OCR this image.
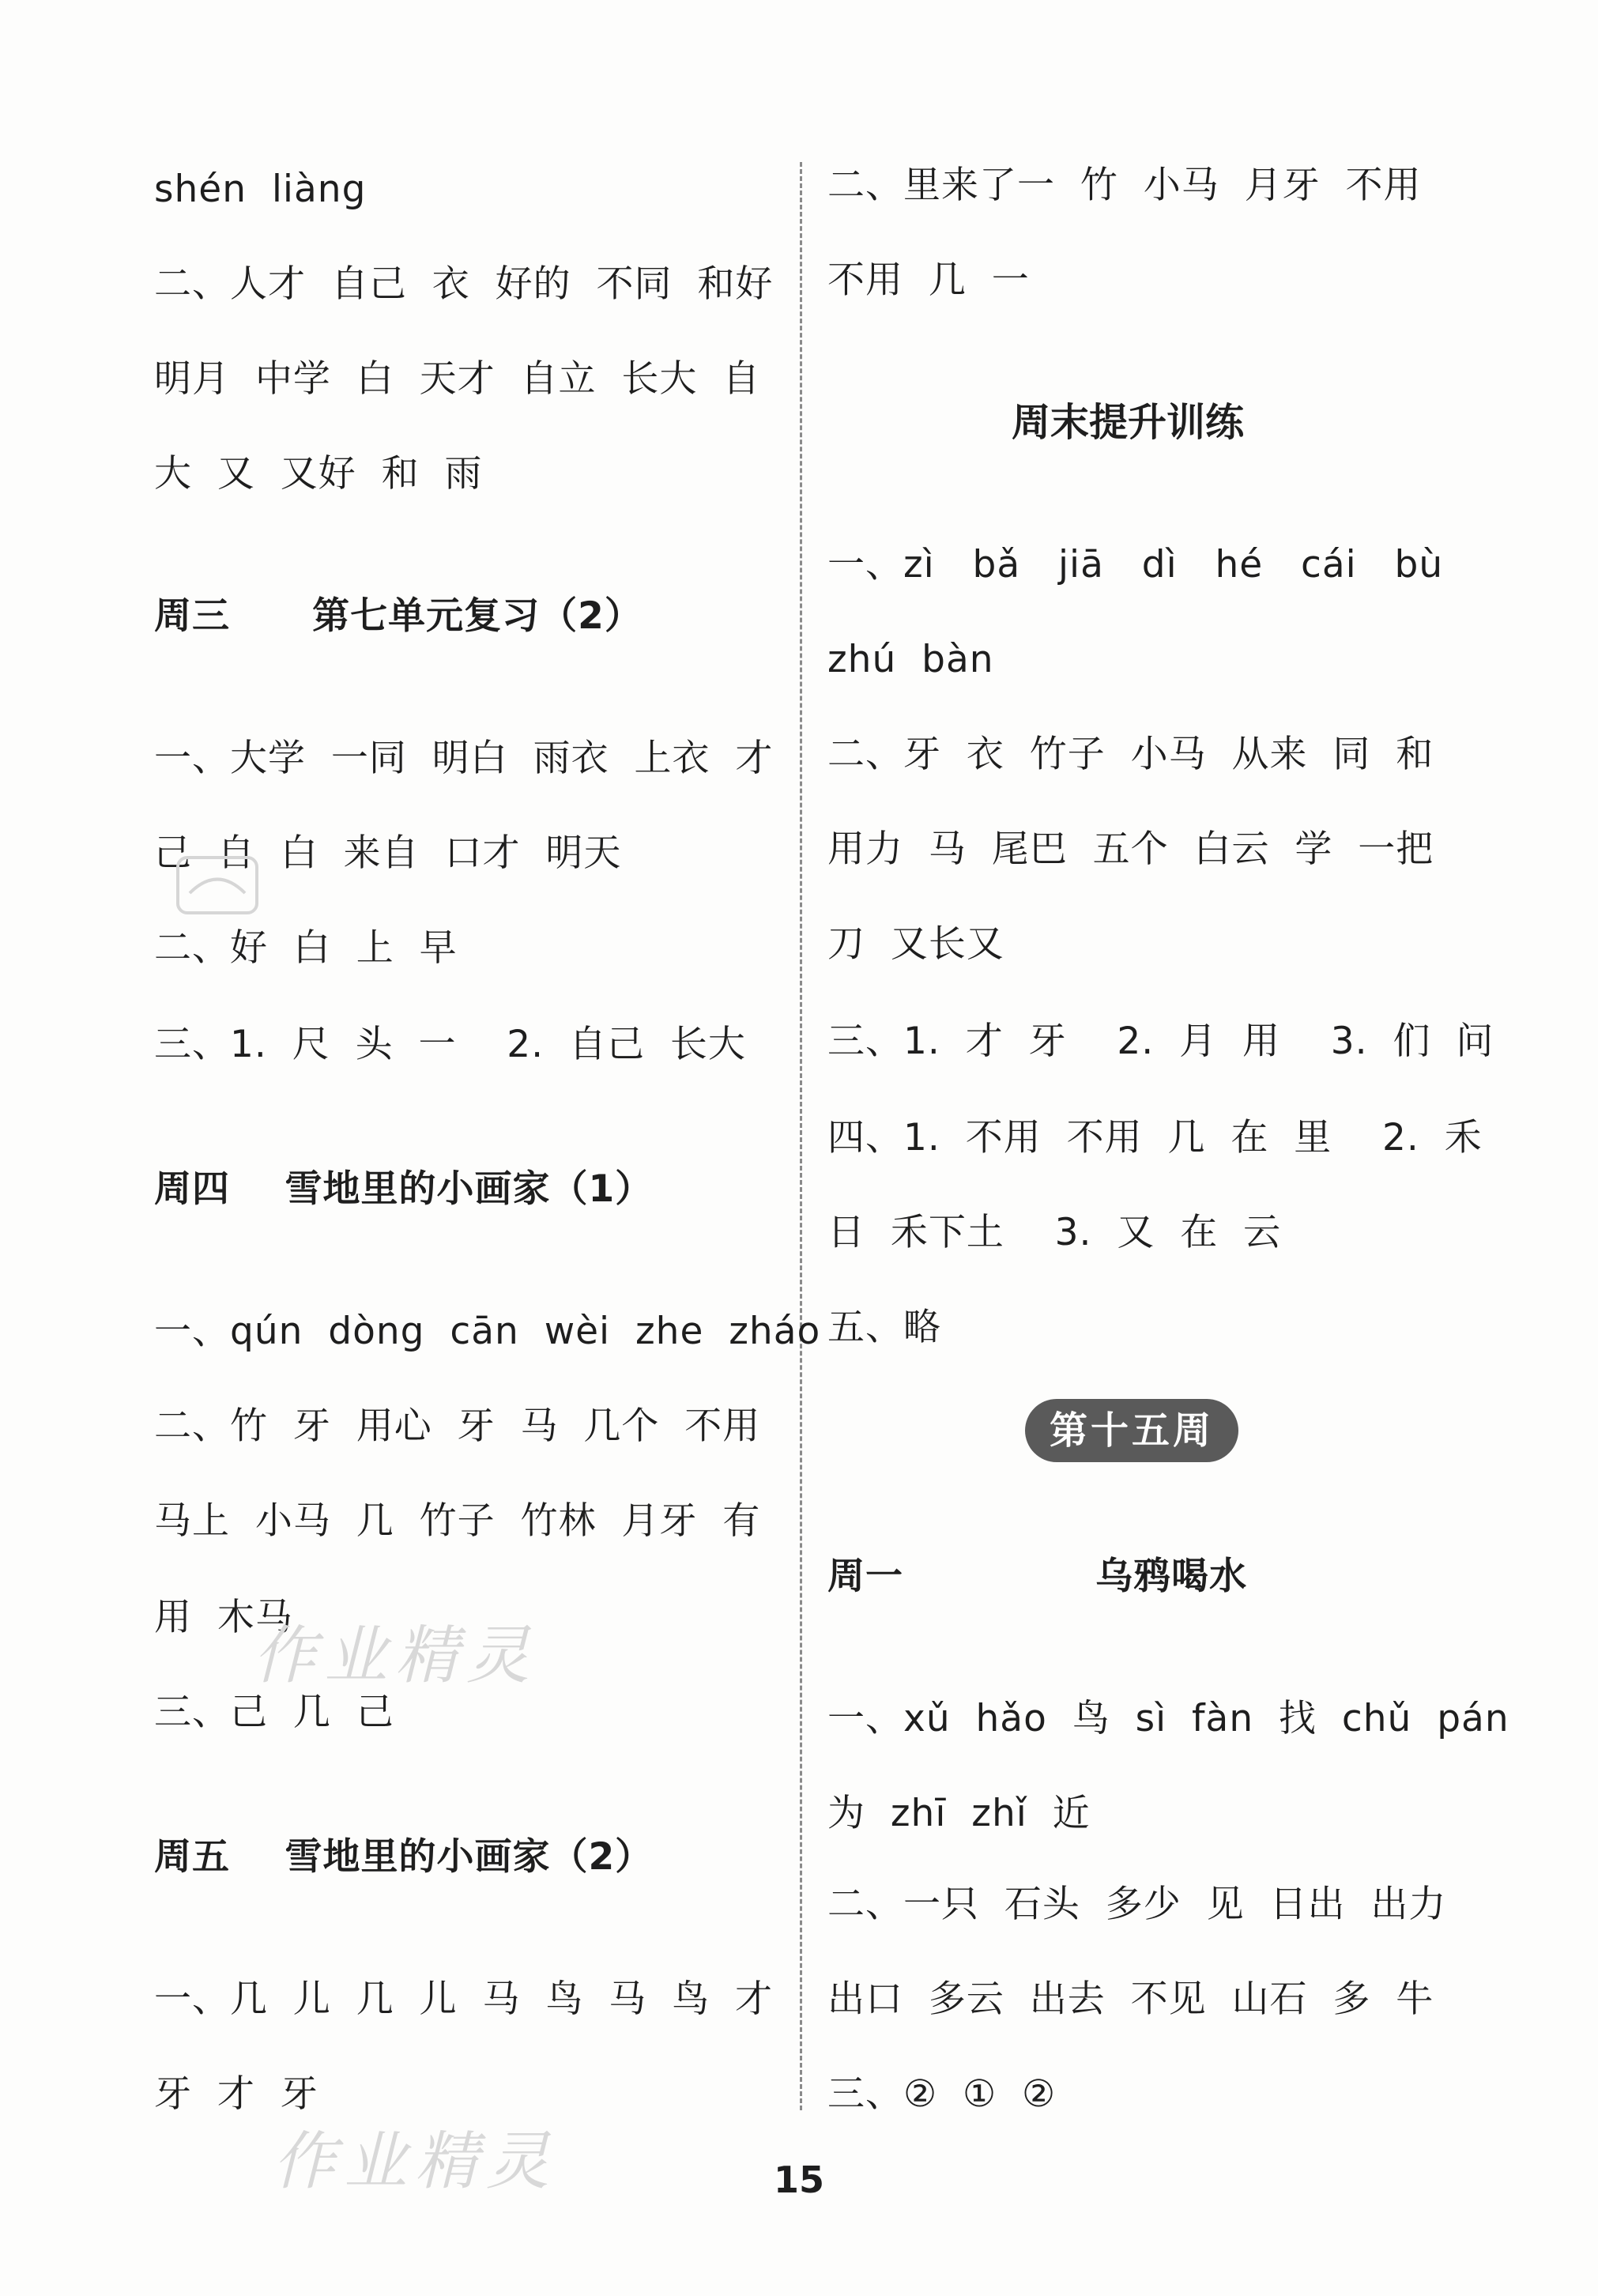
shén  liàng
二、人才  自己  衣  好的  不同  和好
明月  中学  白  天才  自立  长大  自
大  又  又好  和  雨
周三      第七单元复习（2）
一、大学  一同  明白  雨衣  上衣  才
己  自  白  来自  口才  明天
二、好  白  上  早
三、1.  尺  头  一    2.  自己  长大
周四    雪地里的小画家（1）
一、qún  dòng  cān  wèi  zhe  zháo
二、竹  牙  用心  牙  马  几个  不用
马上  小马  几  竹子  竹林  月牙  有
用  木马
三、己  几  己
周五    雪地里的小画家（2）
一、几  儿  几  儿  马  鸟  马  鸟  才
牙  才  牙
二、里来了一  竹  小马  月牙  不用
不用  几  一
周末提升训练
一、zì   bǎ   jiā   dì   hé   cái   bù
zhú  bàn
二、牙  衣  竹子  小马  从来  同  和
用力  马  尾巴  五个  白云  学  一把
刀  又长又
三、1.  才  牙    2.  月  用    3.  们  问
四、1.  不用  不用  几  在  里    2.  禾
日  禾下土    3.  又  在  云
五、略
第十五周
周一              乌鸦喝水
一、xǔ  hǎo  鸟  sì  fàn  找  chǔ  pán
为  zhī  zhǐ  近
二、一只  石头  多少  见  日出  出力
出口  多云  出去  不见  山石  多  牛
三、②  ①  ②
15
作业精灵
作业精灵
